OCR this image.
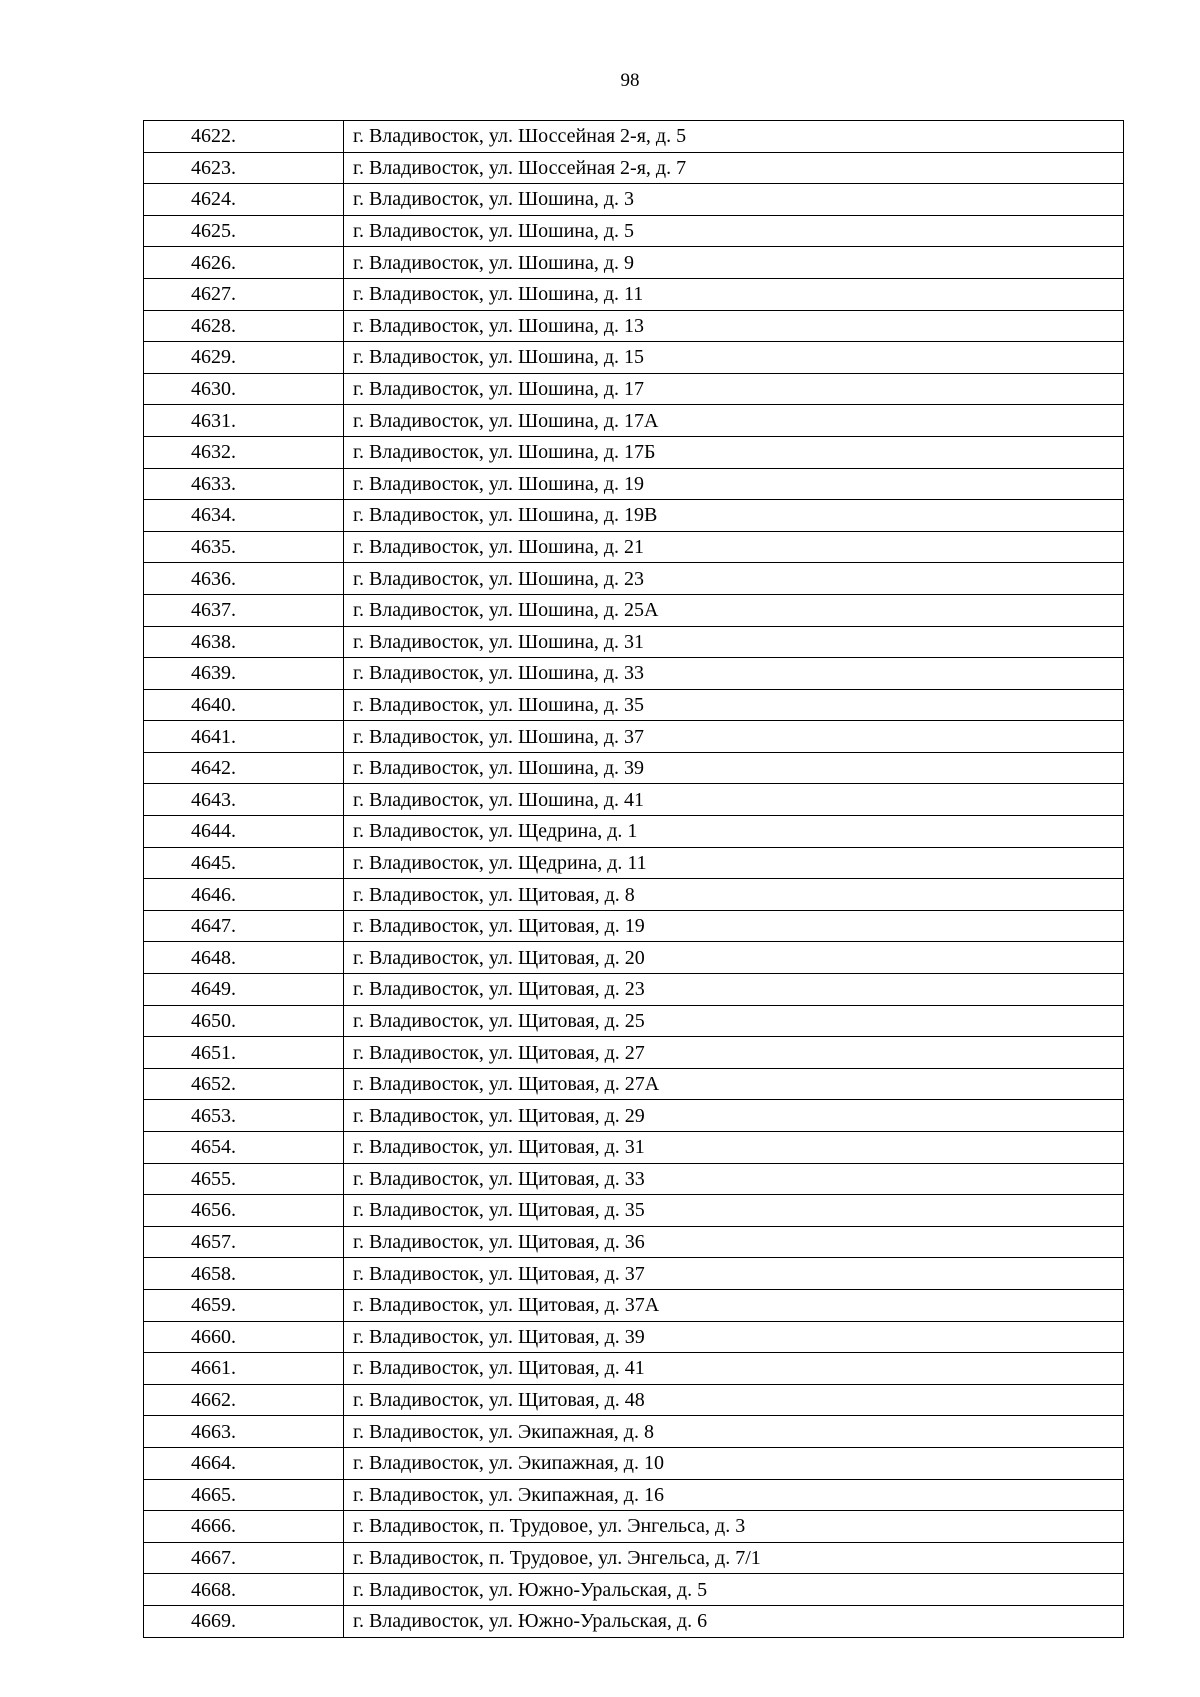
98
4622.	г. Владивосток, ул. Шоссейная 2-я, д. 5
4623.	г. Владивосток, ул. Шоссейная 2-я, д. 7
4624.	г. Владивосток, ул. Шошина, д. 3
4625.	г. Владивосток, ул. Шошина, д. 5
4626.	г. Владивосток, ул. Шошина, д. 9
4627.	г. Владивосток, ул. Шошина, д. 11
4628.	г. Владивосток, ул. Шошина, д. 13
4629.	г. Владивосток, ул. Шошина, д. 15
4630.	г. Владивосток, ул. Шошина, д. 17
4631.	г. Владивосток, ул. Шошина, д. 17А
4632.	г. Владивосток, ул. Шошина, д. 17Б
4633.	г. Владивосток, ул. Шошина, д. 19
4634.	г. Владивосток, ул. Шошина, д. 19В
4635.	г. Владивосток, ул. Шошина, д. 21
4636.	г. Владивосток, ул. Шошина, д. 23
4637.	г. Владивосток, ул. Шошина, д. 25А
4638.	г. Владивосток, ул. Шошина, д. 31
4639.	г. Владивосток, ул. Шошина, д. 33
4640.	г. Владивосток, ул. Шошина, д. 35
4641.	г. Владивосток, ул. Шошина, д. 37
4642.	г. Владивосток, ул. Шошина, д. 39
4643.	г. Владивосток, ул. Шошина, д. 41
4644.	г. Владивосток, ул. Щедрина, д. 1
4645.	г. Владивосток, ул. Щедрина, д. 11
4646.	г. Владивосток, ул. Щитовая, д. 8
4647.	г. Владивосток, ул. Щитовая, д. 19
4648.	г. Владивосток, ул. Щитовая, д. 20
4649.	г. Владивосток, ул. Щитовая, д. 23
4650.	г. Владивосток, ул. Щитовая, д. 25
4651.	г. Владивосток, ул. Щитовая, д. 27
4652.	г. Владивосток, ул. Щитовая, д. 27А
4653.	г. Владивосток, ул. Щитовая, д. 29
4654.	г. Владивосток, ул. Щитовая, д. 31
4655.	г. Владивосток, ул. Щитовая, д. 33
4656.	г. Владивосток, ул. Щитовая, д. 35
4657.	г. Владивосток, ул. Щитовая, д. 36
4658.	г. Владивосток, ул. Щитовая, д. 37
4659.	г. Владивосток, ул. Щитовая, д. 37А
4660.	г. Владивосток, ул. Щитовая, д. 39
4661.	г. Владивосток, ул. Щитовая, д. 41
4662.	г. Владивосток, ул. Щитовая, д. 48
4663.	г. Владивосток, ул. Экипажная, д. 8
4664.	г. Владивосток, ул. Экипажная, д. 10
4665.	г. Владивосток, ул. Экипажная, д. 16
4666.	г. Владивосток, п. Трудовое, ул. Энгельса, д. 3
4667.	г. Владивосток, п. Трудовое, ул. Энгельса, д. 7/1
4668.	г. Владивосток, ул. Южно-Уральская, д. 5
4669.	г. Владивосток, ул. Южно-Уральская, д. 6
